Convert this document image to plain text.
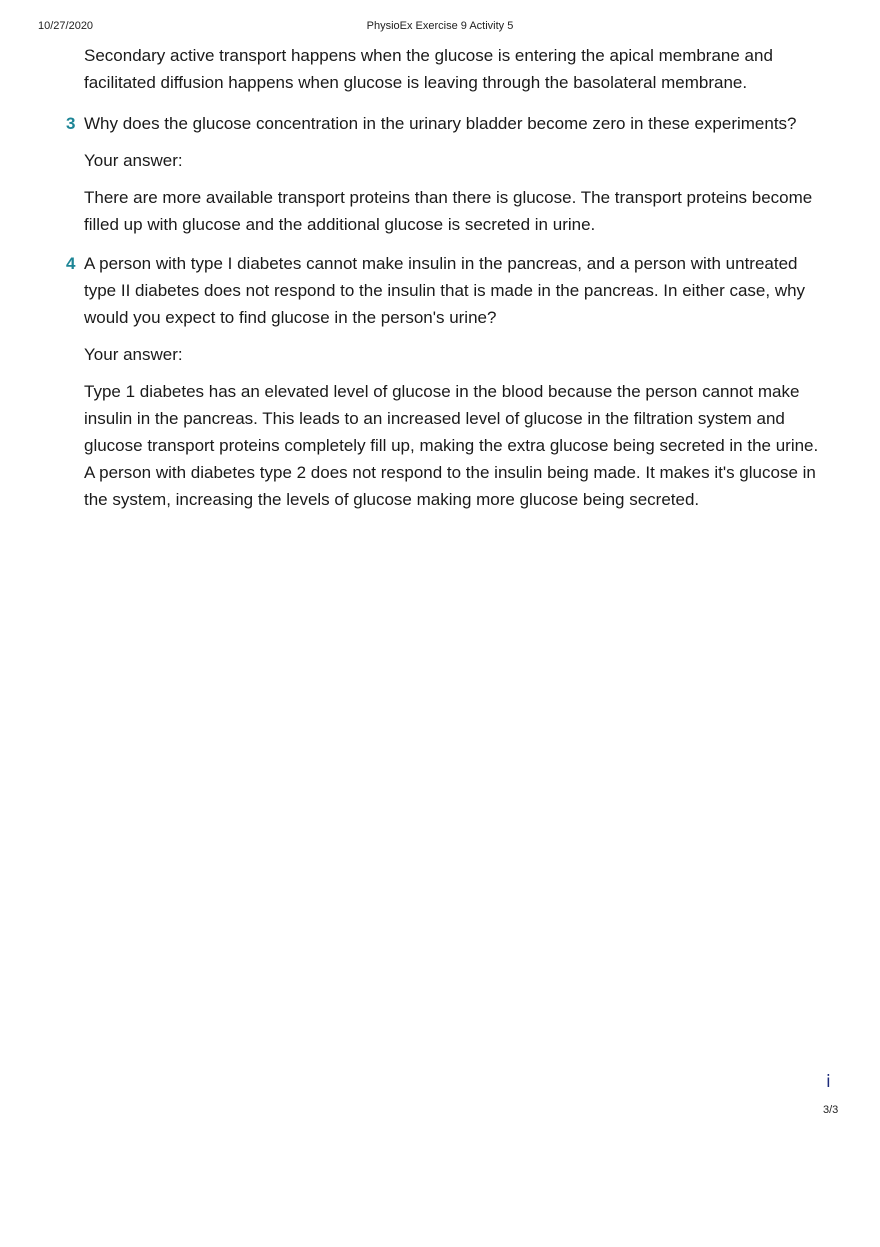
10/27/2020	PhysioEx Exercise 9 Activity 5

Secondary active transport happens when the glucose is entering the apical membrane and facilitated diffusion happens when glucose is leaving through the basolateral membrane.

3 Why does the glucose concentration in the urinary bladder become zero in these experiments?

Your answer:

There are more available transport proteins than there is glucose. The transport proteins become
filled up with glucose and the additional glucose is secreted in urine.
4 A person with type I diabetes cannot make insulin in the pancreas, and a person with untreated type II diabetes does not respond to the insulin that is made in the pancreas. In either case, why would you expect to find glucose in the person's urine?

Your answer:

Type 1 diabetes has an elevated level of glucose in the blood because the person cannot make insulin in the pancreas. This leads to an increased level of glucose in the filtration system and glucose transport proteins completely fill up, making the extra glucose being secreted in the urine. A person with diabetes type 2 does not respond to the insulin being made. It makes it's glucose in the system, increasing the levels of glucose making more glucose being secreted.

i
3/3
